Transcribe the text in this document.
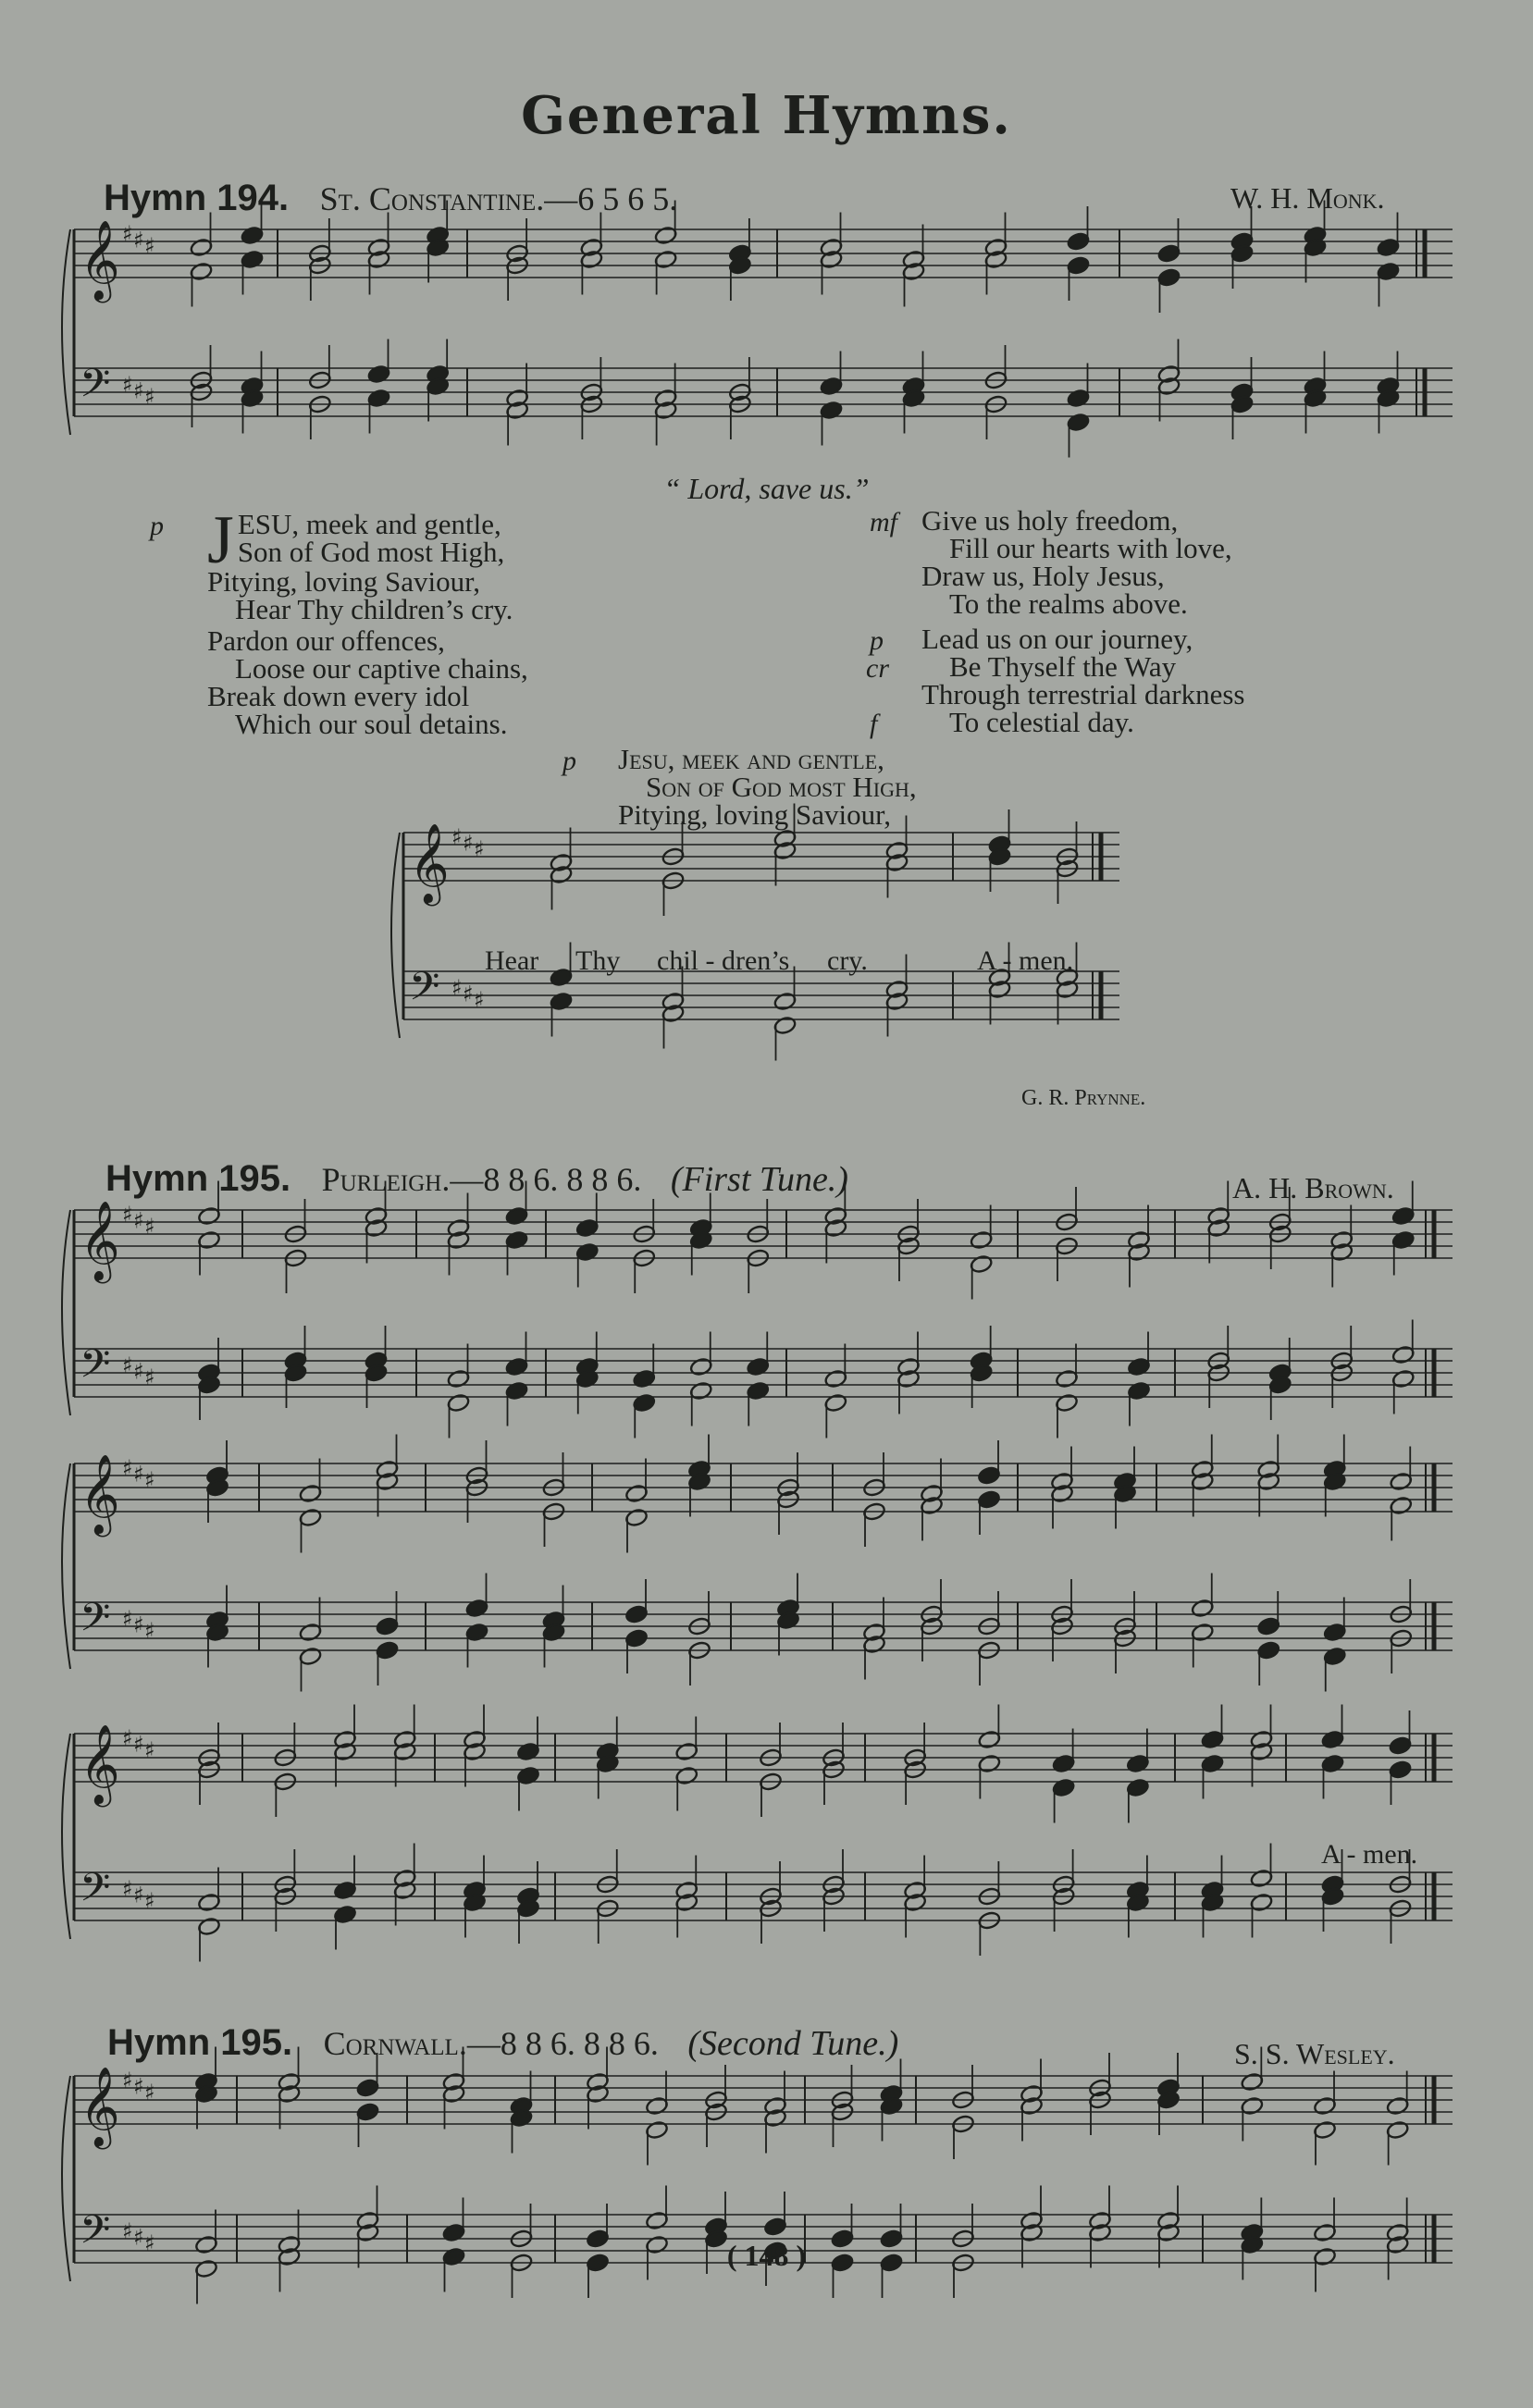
General Hymns.
Hymn 194. St. Constantine.—6 5 6 5.	W. H. Monk.
𝄞 ♯ ♯ ♯
𝄢 ♯ ♯ ♯
“ Lord, save us.”
p J ESU, meek and gentle,
Son of God most High,
Pitying, loving Saviour,
Hear Thy children’s cry.
Pardon our offences,
Loose our captive chains,
Break down every idol
Which our soul detains.
mf Give us holy freedom,
Fill our hearts with love,
Draw us, Holy Jesus,
To the realms above.
p
cr
f
Lead us on our journey,
Be Thyself the Way
Through terrestrial darkness
To celestial day.
p Jesu, meek and gentle,
Son of God most High,
Pitying, loving Saviour,
𝄞 ♯ ♯ ♯
𝄢 ♯ ♯ ♯
Hear Thy chil - dren’s cry.	A - men.
G. R. Prynne.
Hymn 195. Purleigh.—8 8 6. 8 8 6. (First Tune.)	A. H. Brown.
𝄞 ♯ ♯ ♯
𝄢 ♯ ♯ ♯
𝄞 ♯ ♯ ♯
𝄢 ♯ ♯ ♯
𝄞 ♯ ♯ ♯
𝄢 ♯ ♯ ♯
A - men.
Hymn 195. Cornwall.—8 8 6. 8 8 6. (Second Tune.)	S. S. Wesley.
𝄞 ♯ ♯ ♯
𝄢 ♯ ♯ ♯	( 148 )
